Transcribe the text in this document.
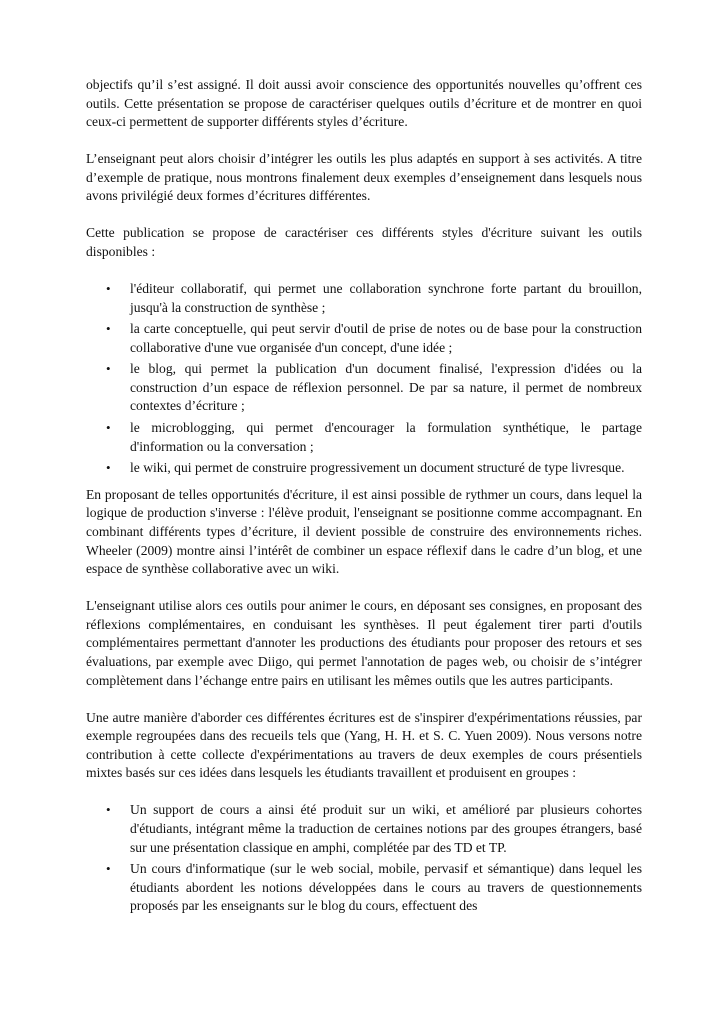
objectifs qu’il s’est assigné. Il doit aussi avoir conscience des opportunités nouvelles qu’offrent ces outils. Cette présentation se propose de caractériser quelques outils d’écriture et de montrer en quoi ceux-ci permettent de supporter différents styles d’écriture.

L’enseignant peut alors choisir d’intégrer les outils les plus adaptés en support à ses activités. A titre d’exemple de pratique, nous montrons finalement deux exemples d’enseignement dans lesquels nous avons privilégié deux formes d’écritures différentes.

Cette publication se propose de caractériser ces différents styles d'écriture suivant les outils disponibles :

• l'éditeur collaboratif, qui permet une collaboration synchrone forte partant du brouillon, jusqu'à la construction de synthèse ;
• la carte conceptuelle, qui peut servir d'outil de prise de notes ou de base pour la construction collaborative d'une vue organisée d'un concept, d'une idée ;
• le blog, qui permet la publication d'un document finalisé, l'expression d'idées ou la construction d’un espace de réflexion personnel. De par sa nature, il permet de nombreux contextes d’écriture ;
• le microblogging, qui permet d'encourager la formulation synthétique, le partage d'information ou la conversation ;
• le wiki, qui permet de construire progressivement un document structuré de type livresque.

En proposant de telles opportunités d'écriture, il est ainsi possible de rythmer un cours, dans lequel la logique de production s'inverse : l'élève produit, l'enseignant se positionne comme accompagnant. En combinant différents types d’écriture, il devient possible de construire des environnements riches. Wheeler (2009) montre ainsi l’intérêt de combiner un espace réflexif dans le cadre d’un blog, et une espace de synthèse collaborative avec un wiki.

L'enseignant utilise alors ces outils pour animer le cours, en déposant ses consignes, en proposant des réflexions complémentaires, en conduisant les synthèses. Il peut également tirer parti d'outils complémentaires permettant d'annoter les productions des étudiants pour proposer des retours et ses évaluations, par exemple avec Diigo, qui permet l'annotation de pages web, ou choisir de s’intégrer complètement dans l’échange entre pairs en utilisant les mêmes outils que les autres participants.

Une autre manière d'aborder ces différentes écritures est de s'inspirer d'expérimentations réussies, par exemple regroupées dans des recueils tels que (Yang, H. H. et S. C. Yuen 2009). Nous versons notre contribution à cette collecte d'expérimentations au travers de deux exemples de cours présentiels mixtes basés sur ces idées dans lesquels les étudiants travaillent et produisent en groupes :

• Un support de cours a ainsi été produit sur un wiki, et amélioré par plusieurs cohortes d'étudiants, intégrant même la traduction de certaines notions par des groupes étrangers, basé sur une présentation classique en amphi, complétée par des TD et TP.
• Un cours d'informatique (sur le web social, mobile, pervasif et sémantique) dans lequel les étudiants abordent les notions développées dans le cours au travers de questionnements proposés par les enseignants sur le blog du cours, effectuent des
